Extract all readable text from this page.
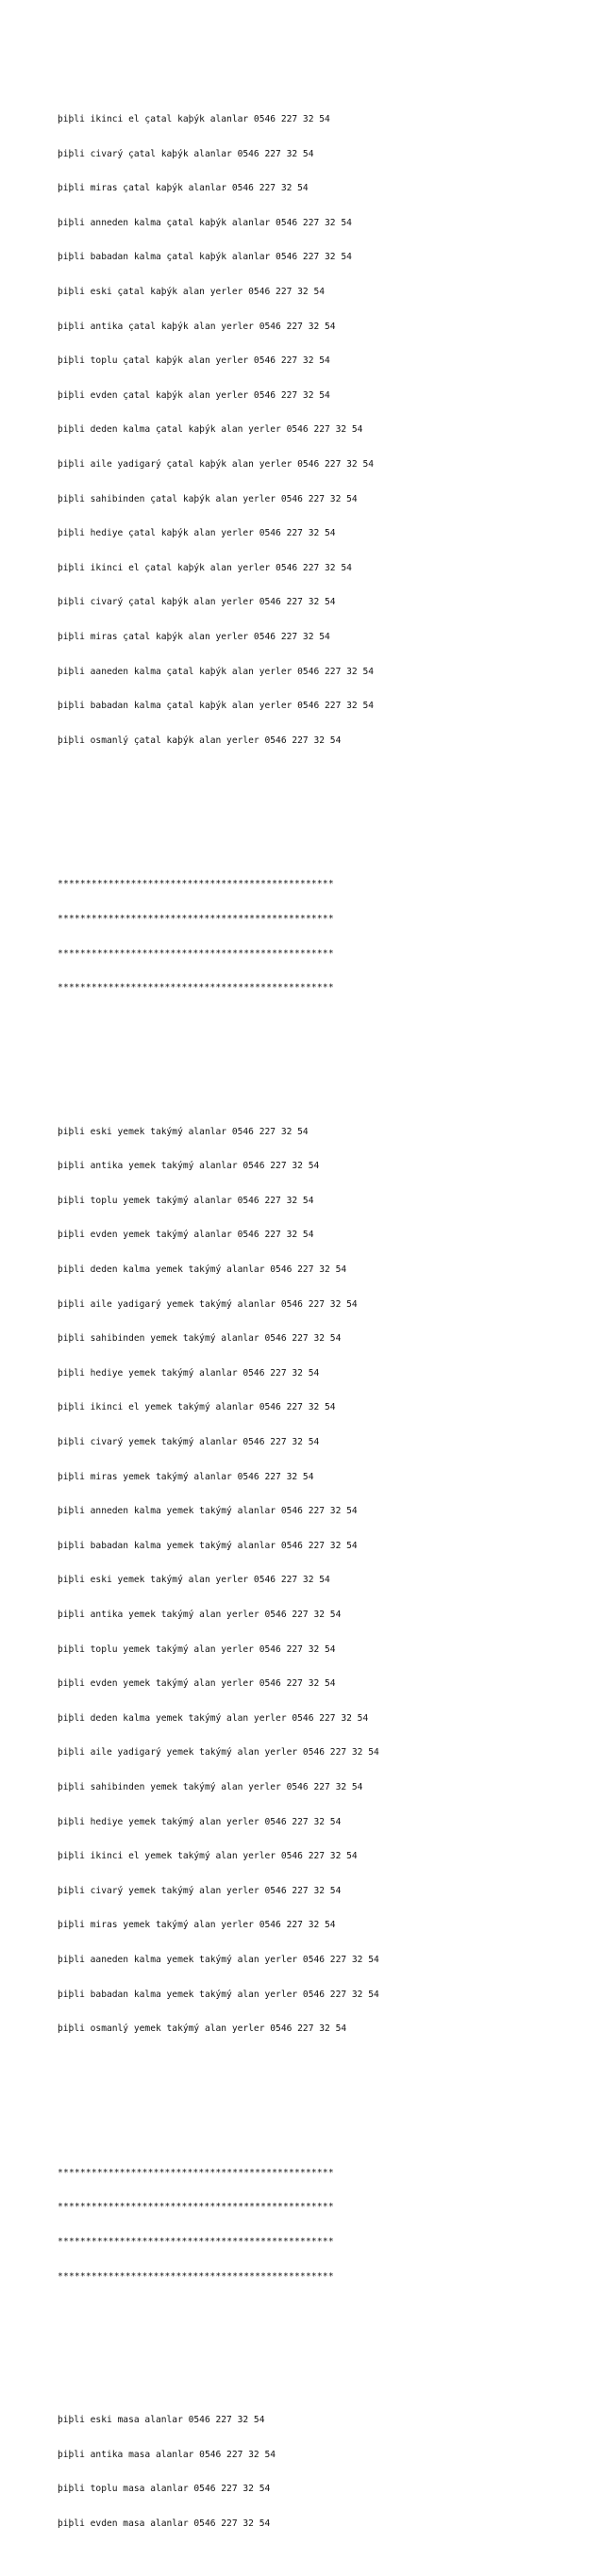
þiþli ikinci el çatal kaþýk alanlar 0546 227 32 54

þiþli civarý çatal kaþýk alanlar 0546 227 32 54

þiþli miras çatal kaþýk alanlar 0546 227 32 54

þiþli anneden kalma çatal kaþýk alanlar 0546 227 32 54

þiþli babadan kalma çatal kaþýk alanlar 0546 227 32 54

þiþli eski çatal kaþýk alan yerler 0546 227 32 54

þiþli antika çatal kaþýk alan yerler 0546 227 32 54

þiþli toplu çatal kaþýk alan yerler 0546 227 32 54

þiþli evden çatal kaþýk alan yerler 0546 227 32 54

þiþli deden kalma çatal kaþýk alan yerler 0546 227 32 54

þiþli aile yadigarý çatal kaþýk alan yerler 0546 227 32 54

þiþli sahibinden çatal kaþýk alan yerler 0546 227 32 54

þiþli hediye çatal kaþýk alan yerler 0546 227 32 54

þiþli ikinci el çatal kaþýk alan yerler 0546 227 32 54

þiþli civarý çatal kaþýk alan yerler 0546 227 32 54

þiþli miras çatal kaþýk alan yerler 0546 227 32 54

þiþli aaneden kalma çatal kaþýk alan yerler 0546 227 32 54

þiþli babadan kalma çatal kaþýk alan yerler 0546 227 32 54

þiþli osmanlý çatal kaþýk alan yerler 0546 227 32 54

*************************************************

*************************************************

*************************************************

*************************************************

þiþli eski yemek takýmý alanlar 0546 227 32 54

þiþli antika yemek takýmý alanlar 0546 227 32 54

þiþli toplu yemek takýmý alanlar 0546 227 32 54

þiþli evden yemek takýmý alanlar 0546 227 32 54

þiþli deden kalma yemek takýmý alanlar 0546 227 32 54

þiþli aile yadigarý yemek takýmý alanlar 0546 227 32 54

þiþli sahibinden yemek takýmý alanlar 0546 227 32 54

þiþli hediye yemek takýmý alanlar 0546 227 32 54

þiþli ikinci el yemek takýmý alanlar 0546 227 32 54

þiþli civarý yemek takýmý alanlar 0546 227 32 54

þiþli miras yemek takýmý alanlar 0546 227 32 54

þiþli anneden kalma yemek takýmý alanlar 0546 227 32 54

þiþli babadan kalma yemek takýmý alanlar 0546 227 32 54

þiþli eski yemek takýmý alan yerler 0546 227 32 54

þiþli antika yemek takýmý alan yerler 0546 227 32 54

þiþli toplu yemek takýmý alan yerler 0546 227 32 54

þiþli evden yemek takýmý alan yerler 0546 227 32 54

þiþli deden kalma yemek takýmý alan yerler 0546 227 32 54

þiþli aile yadigarý yemek takýmý alan yerler 0546 227 32 54

þiþli sahibinden yemek takýmý alan yerler 0546 227 32 54

þiþli hediye yemek takýmý alan yerler 0546 227 32 54

þiþli ikinci el yemek takýmý alan yerler 0546 227 32 54

þiþli civarý yemek takýmý alan yerler 0546 227 32 54

þiþli miras yemek takýmý alan yerler 0546 227 32 54

þiþli aaneden kalma yemek takýmý alan yerler 0546 227 32 54

þiþli babadan kalma yemek takýmý alan yerler 0546 227 32 54

þiþli osmanlý yemek takýmý alan yerler 0546 227 32 54

*************************************************

*************************************************

*************************************************

*************************************************

þiþli eski masa alanlar 0546 227 32 54

þiþli antika masa alanlar 0546 227 32 54

þiþli toplu masa alanlar 0546 227 32 54

þiþli evden masa alanlar 0546 227 32 54
